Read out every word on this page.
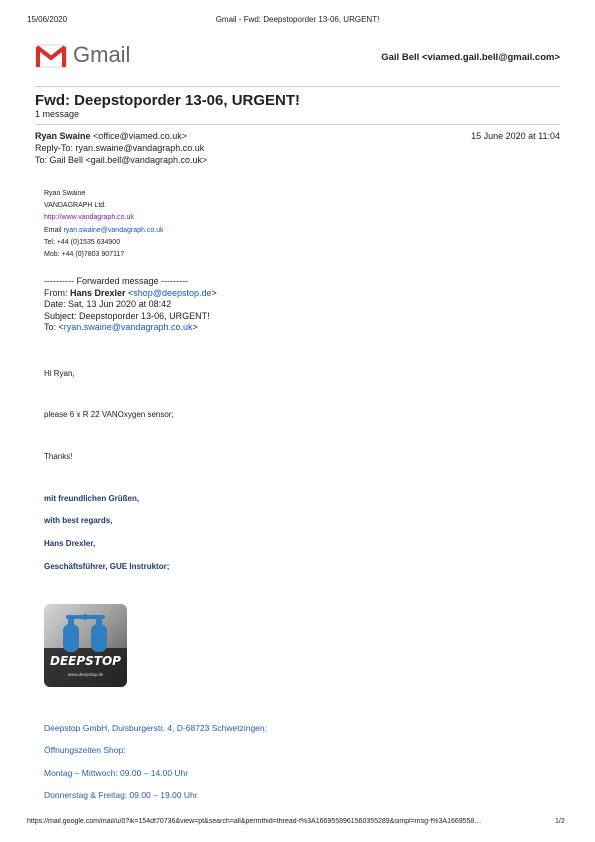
15/06/2020	Gmail - Fwd: Deepstoporder 13-06, URGENT!
Gmail	Gail Bell <viamed.gail.bell@gmail.com>
Fwd: Deepstoporder 13-06, URGENT!
1 message
Ryan Swaine <office@viamed.co.uk>	15 June 2020 at 11:04
Reply-To: ryan.swaine@vandagraph.co.uk
To: Gail Bell <gail.bell@vandagraph.co.uk>
Ryan Swaine
VANDAGRAPH Ltd.
http://www.vandagraph.co.uk
Email ryan.swaine@vandagraph.co.uk
Tel: +44 (0)1535 634900
Mob: +44 (0)7803 907117
---------- Forwarded message ---------
From: Hans Drexler <shop@deepstop.de>
Date: Sat, 13 Jun 2020 at 08:42
Subject: Deepstoporder 13-06, URGENT!
To: <ryan.swaine@vandagraph.co.uk>
Hi Ryan,
please 6 x R 22 VANOxygen sensor;
Thanks!
mit freundlichen Grüßen,
with best regards,
Hans Drexler,
Geschäftsführer, GUE Instruktor;
DEEPSTOP
www.deepstop.de
Deepstop GmbH, Duisburgerstr. 4, D-68723 Schwetzingen;
Öffnungszeiten Shop:
Montag – Mittwoch: 09.00 – 14.00 Uhr
Donnerstag & Freitag: 09.00 – 19.00 Uhr
https://mail.google.com/mail/u/0?ik=154df70736&view=pt&search=all&permthid=thread-f%3A1669558961560355289&simpl=msg-f%3A1669558…	1/2
